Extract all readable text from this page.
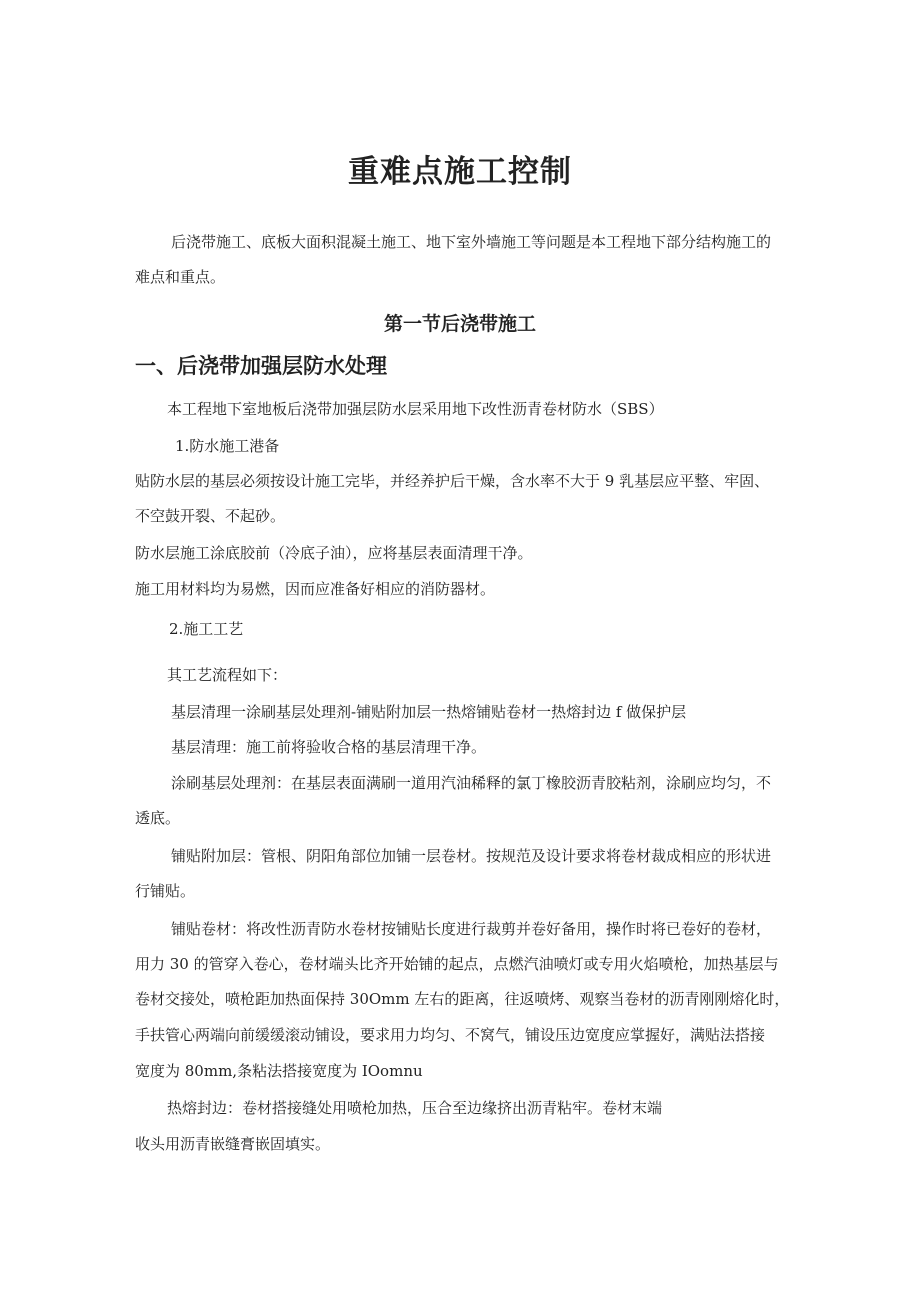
重难点施工控制

后浇带施工、底板大面积混凝土施工、地下室外墙施工等问题是本工程地下部分结构施工的

难点和重点。

第一节后浇带施工
一、后浇带加强层防水处理

本工程地下室地板后浇带加强层防水层采用地下改性沥青卷材防水（SBS）

1.防水施工港备

贴防水层的基层必须按设计施工完毕，并经养护后干燥，含水率不大于 9 乳基层应平整、牢固、

不空鼓开裂、不起砂。

防水层施工涂底胶前（冷底子油），应将基层表面清理干净。

施工用材料均为易燃，因而应准备好相应的消防器材。

2.施工工艺

其工艺流程如下：

基层清理一涂刷基层处理剂-铺贴附加层一热熔铺贴卷材一热熔封边 f 做保护层

基层清理：施工前将验收合格的基层清理干净。

涂刷基层处理剂：在基层表面满刷一道用汽油稀释的氯丁橡胶沥青胶粘剂，涂刷应均匀，不

透底。

铺贴附加层：管根、阴阳角部位加铺一层卷材。按规范及设计要求将卷材裁成相应的形状进

行铺贴。

铺贴卷材：将改性沥青防水卷材按铺贴长度进行裁剪并卷好备用，操作时将已卷好的卷材，

用力 30 的管穿入卷心，卷材端头比齐开始铺的起点，点燃汽油喷灯或专用火焰喷枪，加热基层与

卷材交接处，喷枪距加热面保持 30Omm 左右的距离，往返喷烤、观察当卷材的沥青刚刚熔化时，

手扶管心两端向前缓缓滚动铺设，要求用力均匀、不窝气，铺设压边宽度应掌握好，满贴法搭接

宽度为 80mm,条粘法搭接宽度为 IOomnu

热熔封边：卷材搭接缝处用喷枪加热，压合至边缘挤出沥青粘牢。卷材末端

收头用沥青嵌缝膏嵌固填实。
